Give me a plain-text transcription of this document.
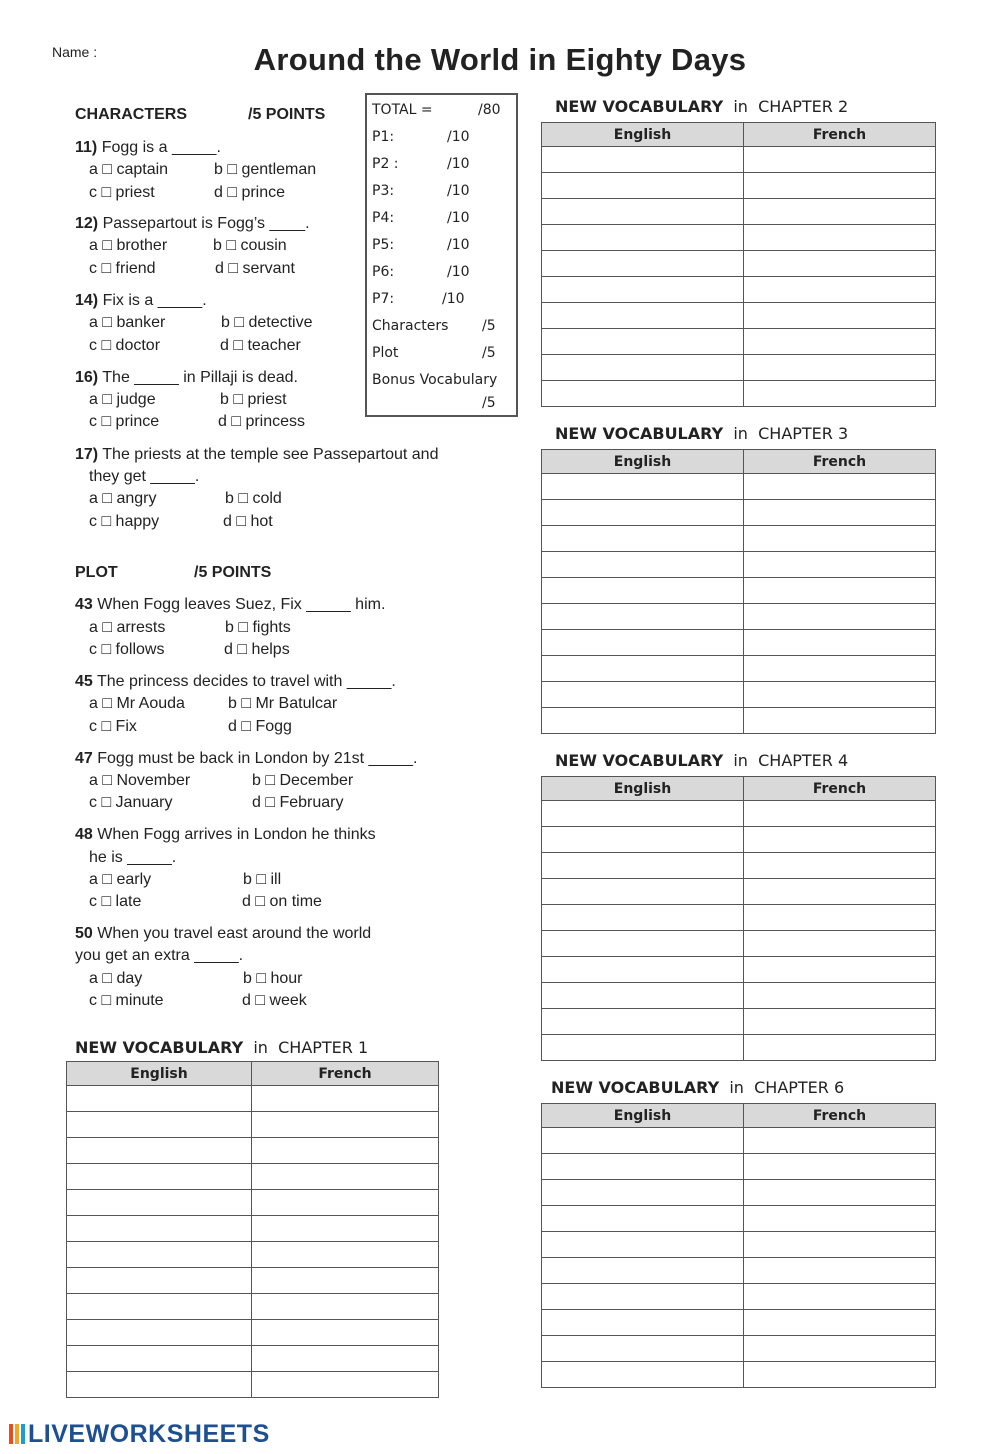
Name :	Around the World in Eighty Days
CHARACTERS	/5 POINTS
11) Fogg is a _____.
a □ captain	b □ gentleman
c □ priest	d □ prince
12) Passepartout is Fogg’s ____.
a □ brother	b □ cousin
c □ friend	d □ servant
14) Fix is a _____.
a □ banker	b □ detective
c □ doctor	d □ teacher
16) The _____ in Pillaji is dead.
a □ judge	b □ priest
c □ prince	d □ princess
17) The priests at the temple see Passepartout and
they get _____.
a □ angry	b □ cold
c □ happy	d □ hot
PLOT	/5 POINTS
43 When Fogg leaves Suez, Fix _____ him.
a □ arrests	b □ fights
c □ follows	d □ helps
45 The princess decides to travel with _____.
a □ Mr Aouda	b □ Mr Batulcar
c □ Fix	d □ Fogg
47 Fogg must be back in London by 21st _____.
a □ November	b □ December
c □ January	d □ February
48 When Fogg arrives in London he thinks
he is _____.
a □ early	b □ ill
c □ late	d □ on time
50 When you travel east around the world
you get an extra _____.
a □ day	b □ hour
c □ minute	d □ week
TOTAL =	/80
P1:	/10
P2 :	/10
P3:	/10
P4:	/10
P5:	/10
P6:	/10
P7:	/10
Characters /5
Plot	/5
Bonus Vocabulary
/5
NEW VOCABULARY in CHAPTER 1
English	French

NEW VOCABULARY in CHAPTER 2
English	French

NEW VOCABULARY in CHAPTER 3
English	French

NEW VOCABULARY in CHAPTER 4
English	French

NEW VOCABULARY in CHAPTER 6
English	French

LIVEWORKSHEETS
